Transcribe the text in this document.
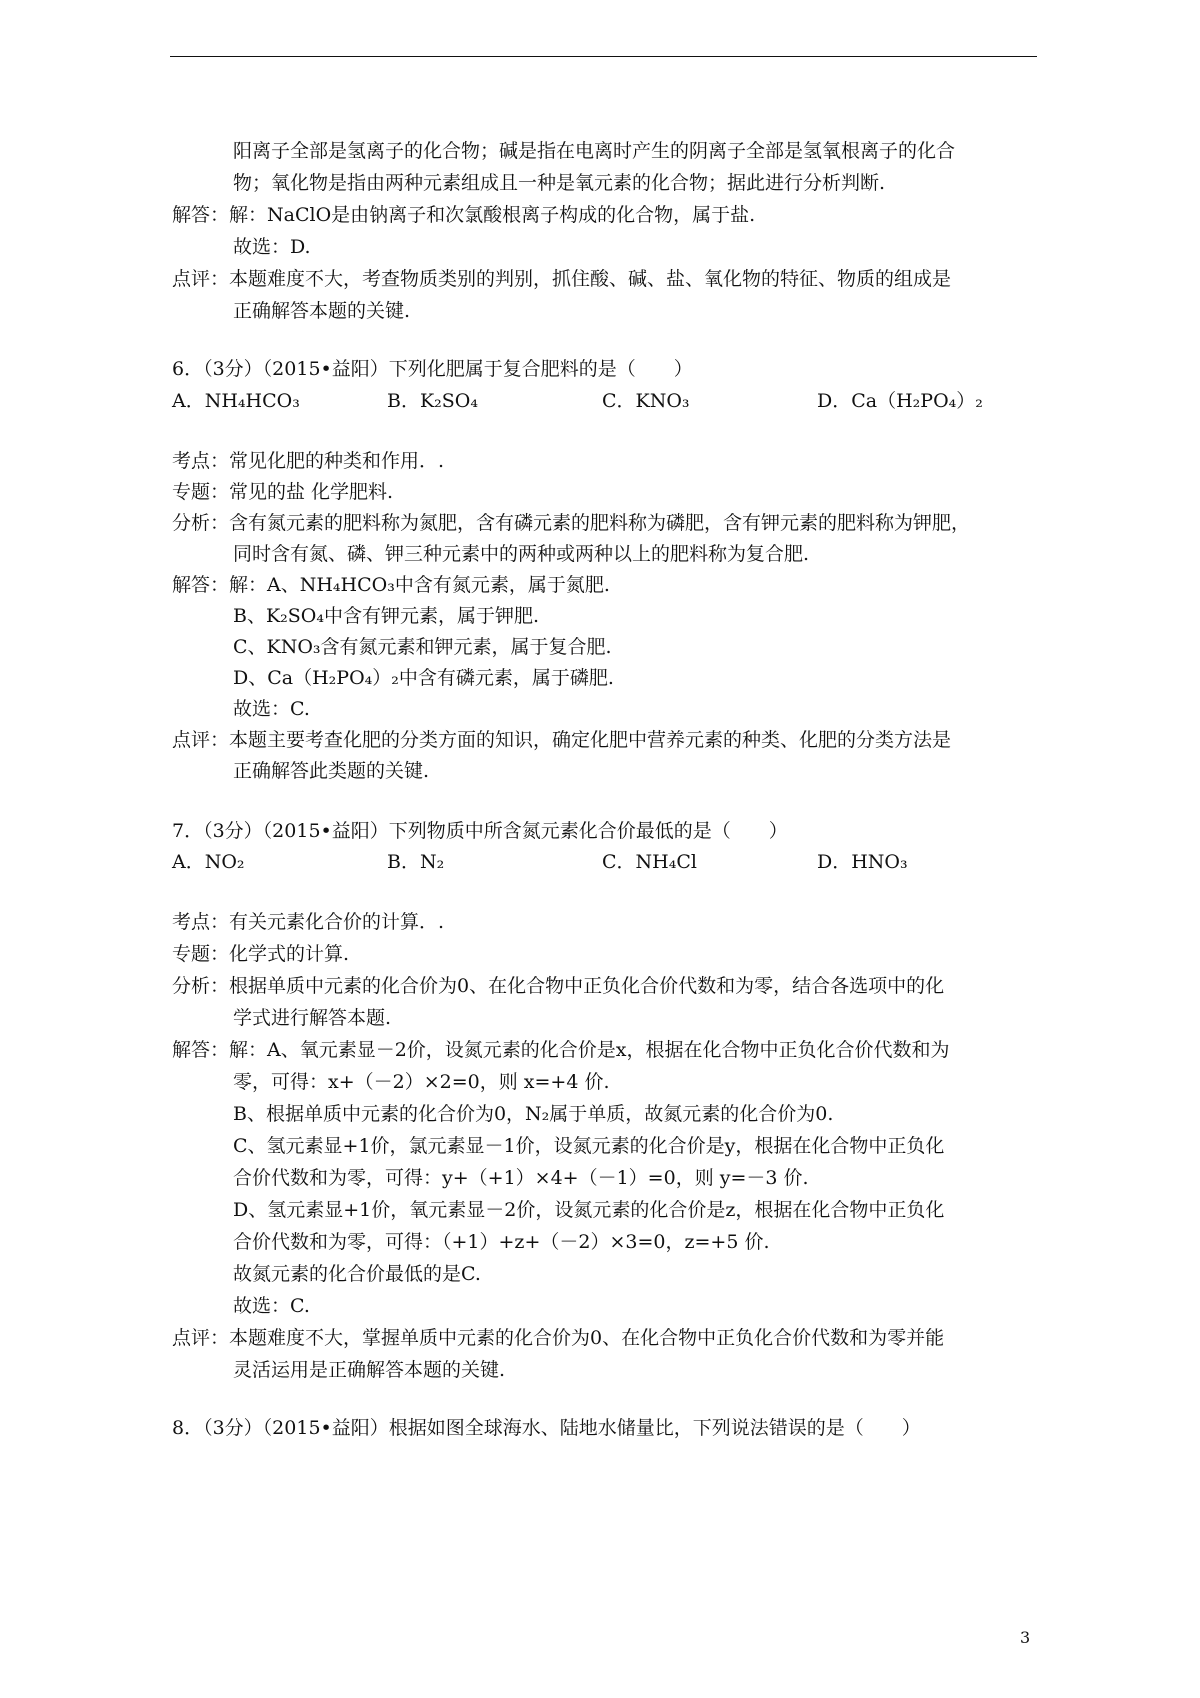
阳离子全部是氢离子的化合物；碱是指在电离时产生的阴离子全部是氢氧根离子的化合
物；氧化物是指由两种元素组成且一种是氧元素的化合物；据此进行分析判断.
解答：解：NaClO是由钠离子和次氯酸根离子构成的化合物，属于盐.
故选：D.
点评：本题难度不大，考查物质类别的判别，抓住酸、碱、盐、氧化物的特征、物质的组成是
正确解答本题的关键.
6．（3分）（2015•益阳）下列化肥属于复合肥料的是（　　）
A．NH₄HCO₃	B．K₂SO₄	C．KNO₃	D．Ca（H₂PO₄）₂
考点：常见化肥的种类和作用．.
专题：常见的盐 化学肥料.
分析：含有氮元素的肥料称为氮肥，含有磷元素的肥料称为磷肥，含有钾元素的肥料称为钾肥，
同时含有氮、磷、钾三种元素中的两种或两种以上的肥料称为复合肥.
解答：解：A、NH₄HCO₃中含有氮元素，属于氮肥.
B、K₂SO₄中含有钾元素，属于钾肥.
C、KNO₃含有氮元素和钾元素，属于复合肥.
D、Ca（H₂PO₄）₂中含有磷元素，属于磷肥.
故选：C.
点评：本题主要考查化肥的分类方面的知识，确定化肥中营养元素的种类、化肥的分类方法是
正确解答此类题的关键.
7．（3分）（2015•益阳）下列物质中所含氮元素化合价最低的是（　　）
A．NO₂	B．N₂	C．NH₄Cl	D．HNO₃
考点：有关元素化合价的计算．.
专题：化学式的计算.
分析：根据单质中元素的化合价为0、在化合物中正负化合价代数和为零，结合各选项中的化
学式进行解答本题.
解答：解：A、氧元素显－2价，设氮元素的化合价是x，根据在化合物中正负化合价代数和为
零，可得：x+（－2）×2=0，则 x=+4 价.
B、根据单质中元素的化合价为0，N₂属于单质，故氮元素的化合价为0.
C、氢元素显+1价，氯元素显－1价，设氮元素的化合价是y，根据在化合物中正负化
合价代数和为零，可得：y+（+1）×4+（－1）=0，则 y=－3 价.
D、氢元素显+1价，氧元素显－2价，设氮元素的化合价是z，根据在化合物中正负化
合价代数和为零，可得：（+1）+z+（－2）×3=0，z=+5 价.
故氮元素的化合价最低的是C.
故选：C.
点评：本题难度不大，掌握单质中元素的化合价为0、在化合物中正负化合价代数和为零并能
灵活运用是正确解答本题的关键.
8．（3分）（2015•益阳）根据如图全球海水、陆地水储量比，下列说法错误的是（　　）
3
